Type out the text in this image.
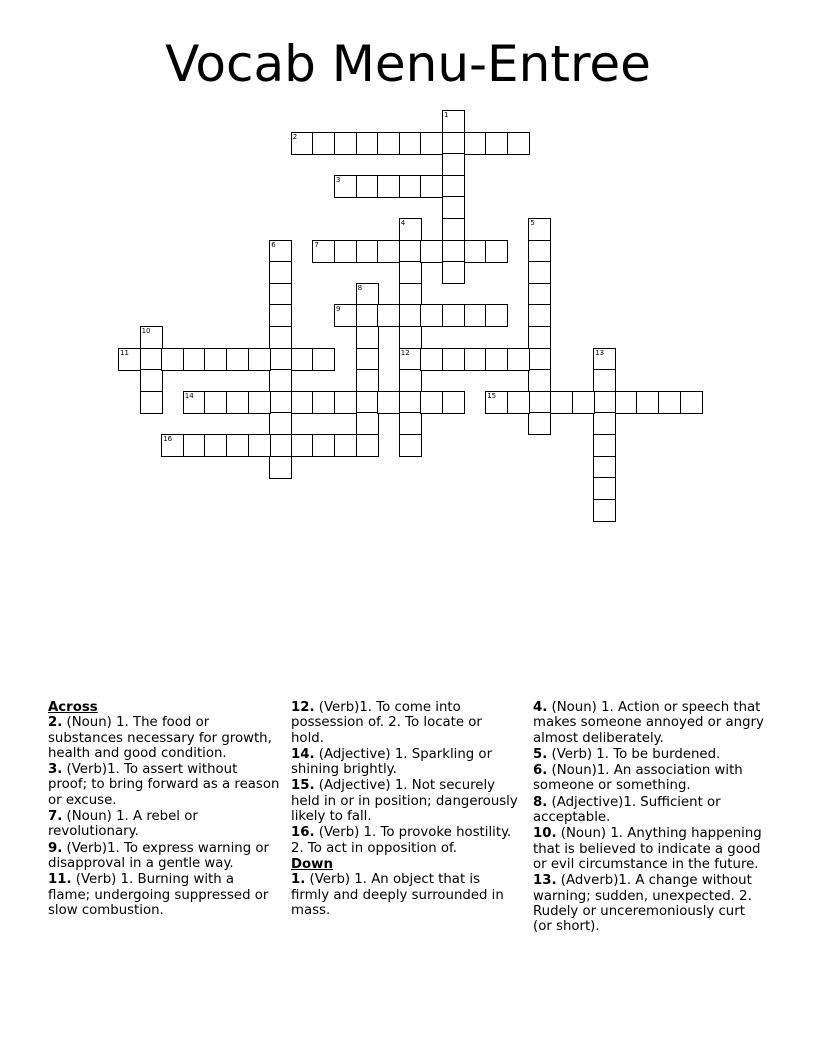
Vocab Menu-Entree
1
2
3
4
12
5
6	7
8
9
10
11	13
14	15
16
Across
2. (Noun) 1. The food or substances necessary for growth, health and good condition.
3. (Verb)1. To assert without proof; to bring forward as a reason or excuse.
7. (Noun) 1. A rebel or revolutionary.
9. (Verb)1. To express warning or disapproval in a gentle way.
11. (Verb) 1. Burning with a flame; undergoing suppressed or slow combustion.
12. (Verb)1. To come into possession of. 2. To locate or hold.
14. (Adjective) 1. Sparkling or shining brightly.
15. (Adjective) 1. Not securely held in or in position; dangerously likely to fall.
16. (Verb) 1. To provoke hostility. 2. To act in opposition of.
Down
1. (Verb) 1. An object that is firmly and deeply surrounded in mass.
4. (Noun) 1. Action or speech that makes someone annoyed or angry almost deliberately.
5. (Verb) 1. To be burdened.
6. (Noun)1. An association with someone or something.
8. (Adjective)1. Sufficient or acceptable.
10. (Noun) 1. Anything happening that is believed to indicate a good or evil circumstance in the future.
13. (Adverb)1. A change without warning; sudden, unexpected. 2. Rudely or unceremoniously curt (or short).
